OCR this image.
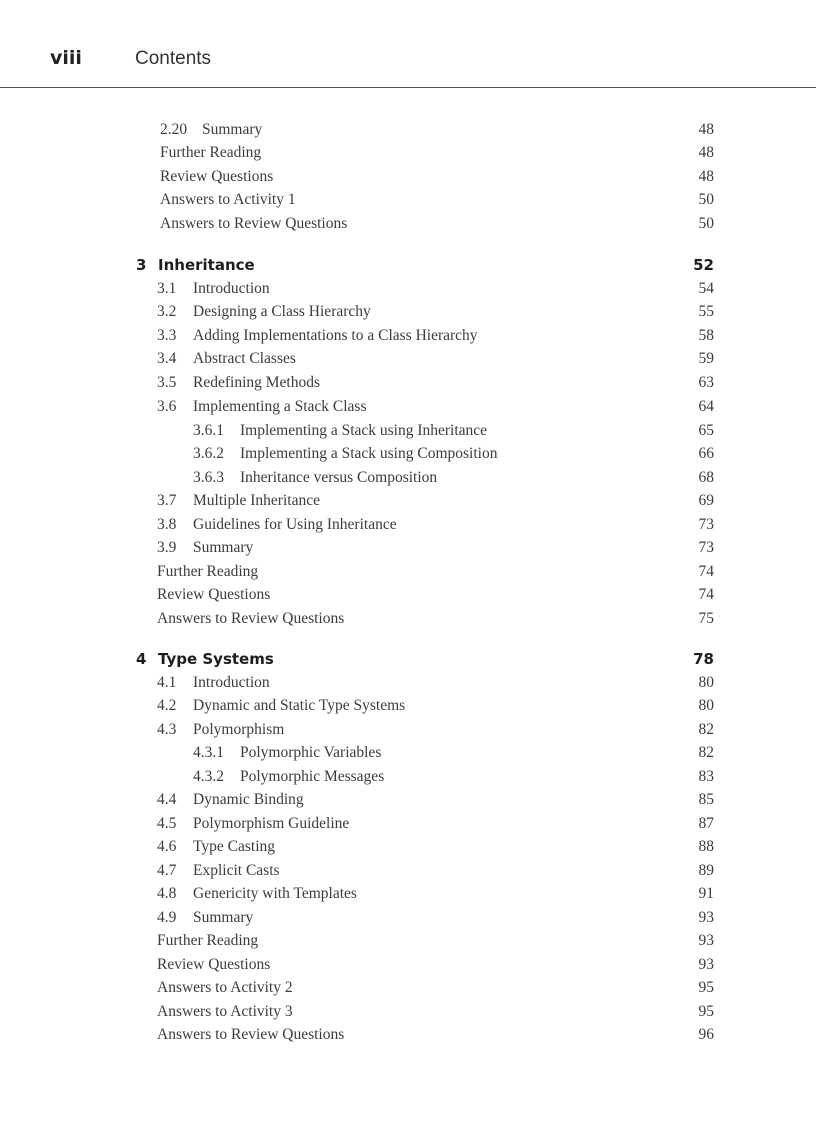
viii	Contents
2.20 Summary	48
Further Reading	48
Review Questions	48
Answers to Activity 1	50
Answers to Review Questions	50
3 Inheritance	52
3.1 Introduction	54
3.2 Designing a Class Hierarchy	55
3.3 Adding Implementations to a Class Hierarchy	58
3.4 Abstract Classes	59
3.5 Redefining Methods	63
3.6 Implementing a Stack Class	64
3.6.1 Implementing a Stack using Inheritance	65
3.6.2 Implementing a Stack using Composition	66
3.6.3 Inheritance versus Composition	68
3.7 Multiple Inheritance	69
3.8 Guidelines for Using Inheritance	73
3.9 Summary	73
Further Reading	74
Review Questions	74
Answers to Review Questions	75
4 Type Systems	78
4.1 Introduction	80
4.2 Dynamic and Static Type Systems	80
4.3 Polymorphism	82
4.3.1 Polymorphic Variables	82
4.3.2 Polymorphic Messages	83
4.4 Dynamic Binding	85
4.5 Polymorphism Guideline	87
4.6 Type Casting	88
4.7 Explicit Casts	89
4.8 Genericity with Templates	91
4.9 Summary	93
Further Reading	93
Review Questions	93
Answers to Activity 2	95
Answers to Activity 3	95
Answers to Review Questions	96
